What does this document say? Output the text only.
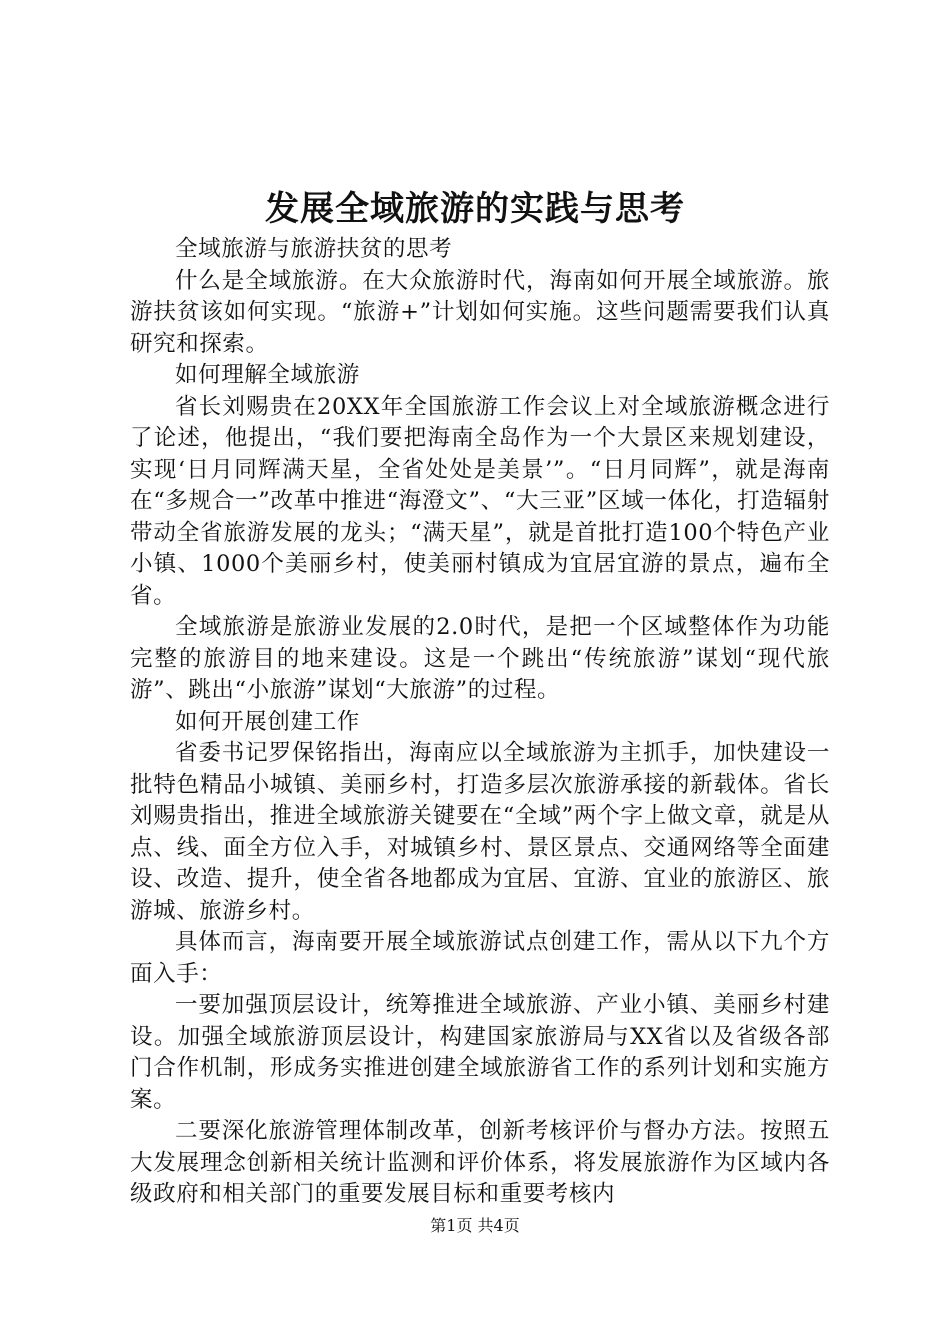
发展全域旅游的实践与思考

全域旅游与旅游扶贫的思考

什么是全域旅游。在大众旅游时代，海南如何开展全域旅游。旅游扶贫该如何实现。“旅游+”计划如何实施。这些问题需要我们认真研究和探索。

如何理解全域旅游

省长刘赐贵在20XX年全国旅游工作会议上对全域旅游概念进行了论述，他提出，“我们要把海南全岛作为一个大景区来规划建设，实现‘日月同辉满天星，全省处处是美景’”。“日月同辉”，就是海南在“多规合一”改革中推进“海澄文”、“大三亚”区域一体化，打造辐射带动全省旅游发展的龙头；“满天星”，就是首批打造100个特色产业小镇、1000个美丽乡村，使美丽村镇成为宜居宜游的景点，遍布全省。

全域旅游是旅游业发展的2.0时代，是把一个区域整体作为功能完整的旅游目的地来建设。这是一个跳出“传统旅游”谋划“现代旅游”、跳出“小旅游”谋划“大旅游”的过程。

如何开展创建工作

省委书记罗保铭指出，海南应以全域旅游为主抓手，加快建设一批特色精品小城镇、美丽乡村，打造多层次旅游承接的新载体。省长刘赐贵指出，推进全域旅游关键要在“全域”两个字上做文章，就是从点、线、面全方位入手，对城镇乡村、景区景点、交通网络等全面建设、改造、提升，使全省各地都成为宜居、宜游、宜业的旅游区、旅游城、旅游乡村。

具体而言，海南要开展全域旅游试点创建工作，需从以下九个方面入手：

一要加强顶层设计，统筹推进全域旅游、产业小镇、美丽乡村建设。加强全域旅游顶层设计，构建国家旅游局与XX省以及省级各部门合作机制，形成务实推进创建全域旅游省工作的系列计划和实施方案。

二要深化旅游管理体制改革，创新考核评价与督办方法。按照五大发展理念创新相关统计监测和评价体系，将发展旅游作为区域内各级政府和相关部门的重要发展目标和重要考核内

第1页 共4页
